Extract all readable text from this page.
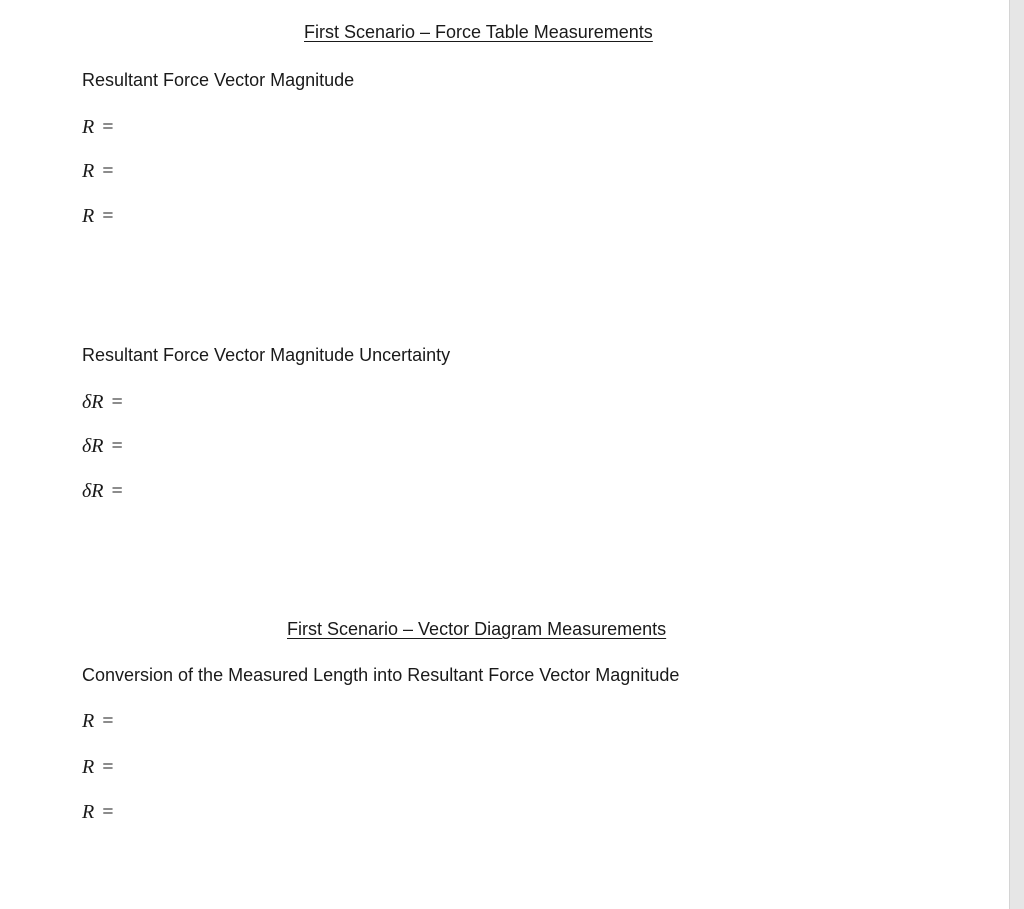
First Scenario – Force Table Measurements
Resultant Force Vector Magnitude
R =
R =
R =
Resultant Force Vector Magnitude Uncertainty
δR =
δR =
δR =
First Scenario – Vector Diagram Measurements
Conversion of the Measured Length into Resultant Force Vector Magnitude
R =
R =
R =
